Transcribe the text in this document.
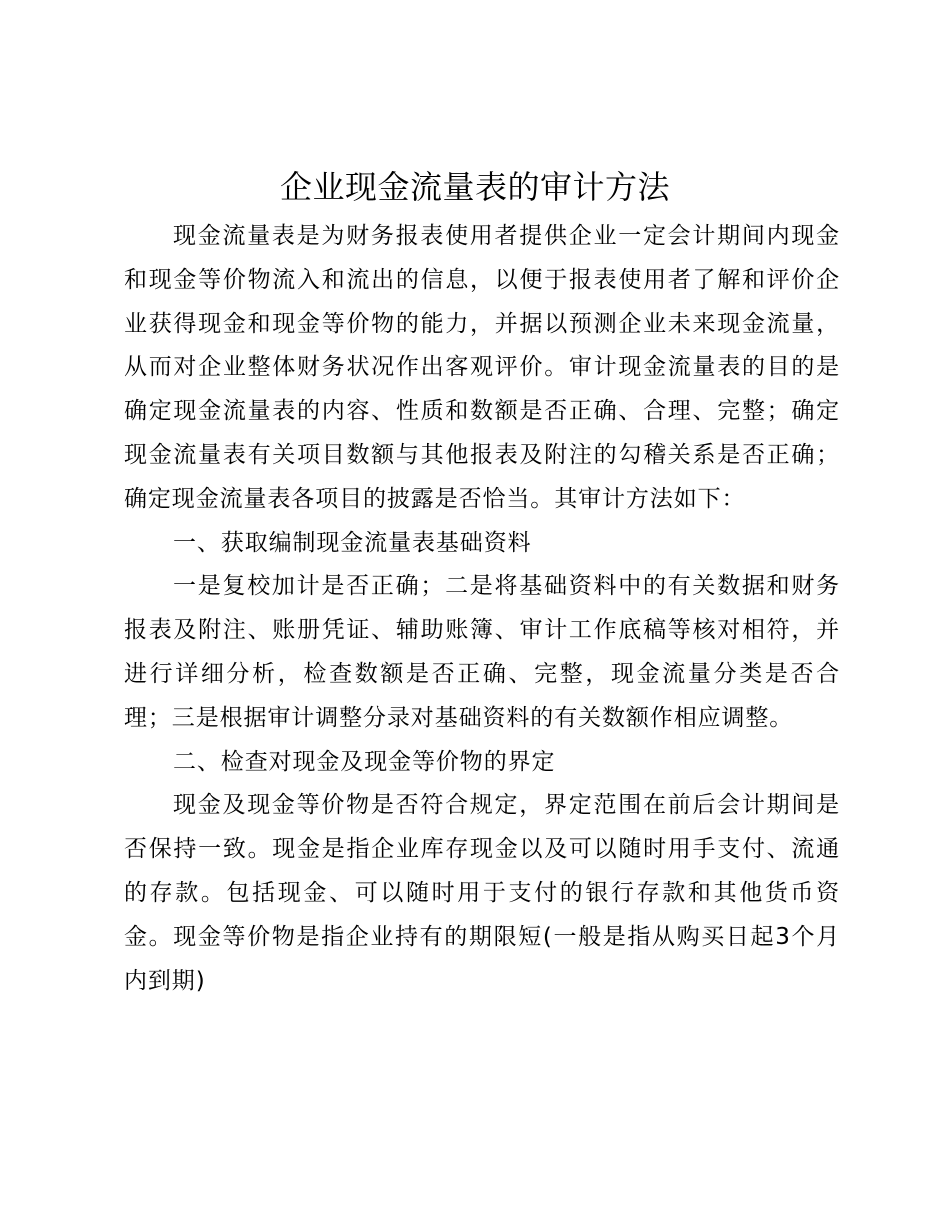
企业现金流量表的审计方法

现金流量表是为财务报表使用者提供企业一定会计期间内现金和现金等价物流入和流出的信息，以便于报表使用者了解和评价企业获得现金和现金等价物的能力，并据以预测企业未来现金流量，从而对企业整体财务状况作出客观评价。审计现金流量表的目的是确定现金流量表的内容、性质和数额是否正确、合理、完整；确定现金流量表有关项目数额与其他报表及附注的勾稽关系是否正确；确定现金流量表各项目的披露是否恰当。其审计方法如下：

一、获取编制现金流量表基础资料

一是复校加计是否正确；二是将基础资料中的有关数据和财务报表及附注、账册凭证、辅助账簿、审计工作底稿等核对相符，并进行详细分析，检查数额是否正确、完整，现金流量分类是否合理；三是根据审计调整分录对基础资料的有关数额作相应调整。

二、检查对现金及现金等价物的界定

现金及现金等价物是否符合规定，界定范围在前后会计期间是否保持一致。现金是指企业库存现金以及可以随时用手支付、流通的存款。包括现金、可以随时用于支付的银行存款和其他货币资金。现金等价物是指企业持有的期限短(一般是指从购买日起3个月内到期)
